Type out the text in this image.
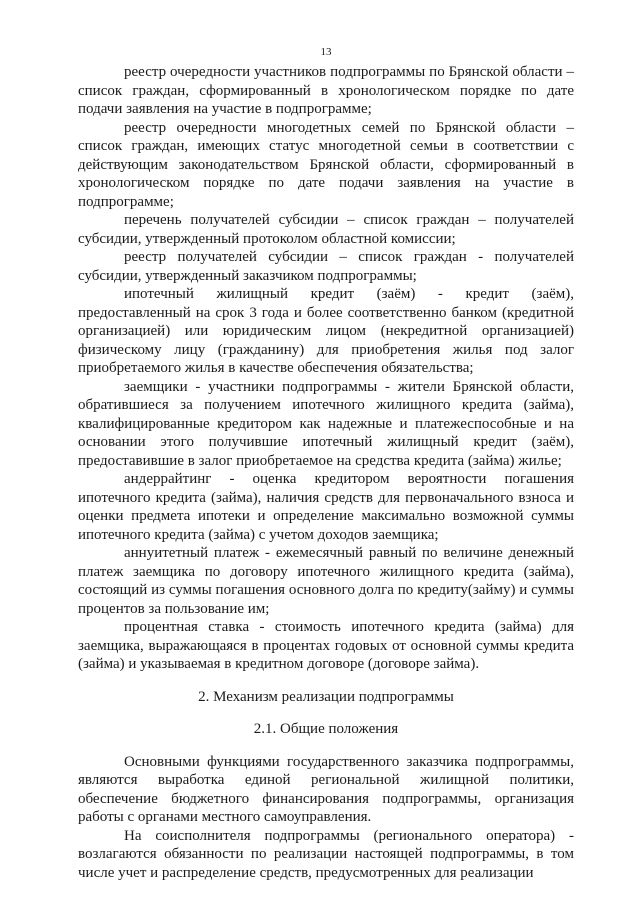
13

реестр очередности участников подпрограммы по Брянской области – список граждан, сформированный в хронологическом порядке по дате подачи заявления на участие в подпрограмме;

реестр очередности многодетных семей по Брянской области – список граждан, имеющих статус многодетной семьи в соответствии с действующим законодательством Брянской области, сформированный в хронологическом порядке по дате подачи заявления на участие в подпрограмме;

перечень получателей субсидии – список граждан – получателей субсидии, утвержденный протоколом областной комиссии;

реестр получателей субсидии – список граждан - получателей субсидии, утвержденный заказчиком подпрограммы;

ипотечный жилищный кредит (заём) - кредит (заём), предоставленный на срок 3 года и более соответственно банком (кредитной организацией) или юридическим лицом (некредитной организацией) физическому лицу (гражданину) для приобретения жилья под залог приобретаемого жилья в качестве обеспечения обязательства;

заемщики - участники подпрограммы - жители Брянской области, обратившиеся за получением ипотечного жилищного кредита (займа), квалифицированные кредитором как надежные и платежеспособные и на основании этого получившие ипотечный жилищный кредит (заём), предоставившие в залог приобретаемое на средства кредита (займа) жилье;

андеррайтинг - оценка кредитором вероятности погашения ипотечного кредита (займа), наличия средств для первоначального взноса и оценки предмета ипотеки и определение максимально возможной суммы ипотечного кредита (займа) с учетом доходов заемщика;

аннуитетный платеж - ежемесячный равный по величине денежный платеж заемщика по договору ипотечного жилищного кредита (займа), состоящий из суммы погашения основного долга по кредиту(займу) и суммы процентов за пользование им;

процентная ставка - стоимость ипотечного кредита (займа) для заемщика, выражающаяся в процентах годовых от основной суммы кредита (займа) и указываемая в кредитном договоре (договоре займа).

2. Механизм реализации подпрограммы
2.1. Общие положения

Основными функциями государственного заказчика подпрограммы, являются выработка единой региональной жилищной политики, обеспечение бюджетного финансирования подпрограммы, организация работы с органами местного самоуправления.

На соисполнителя подпрограммы (регионального оператора) - возлагаются обязанности по реализации настоящей подпрограммы, в том числе учет и распределение средств, предусмотренных для реализации
